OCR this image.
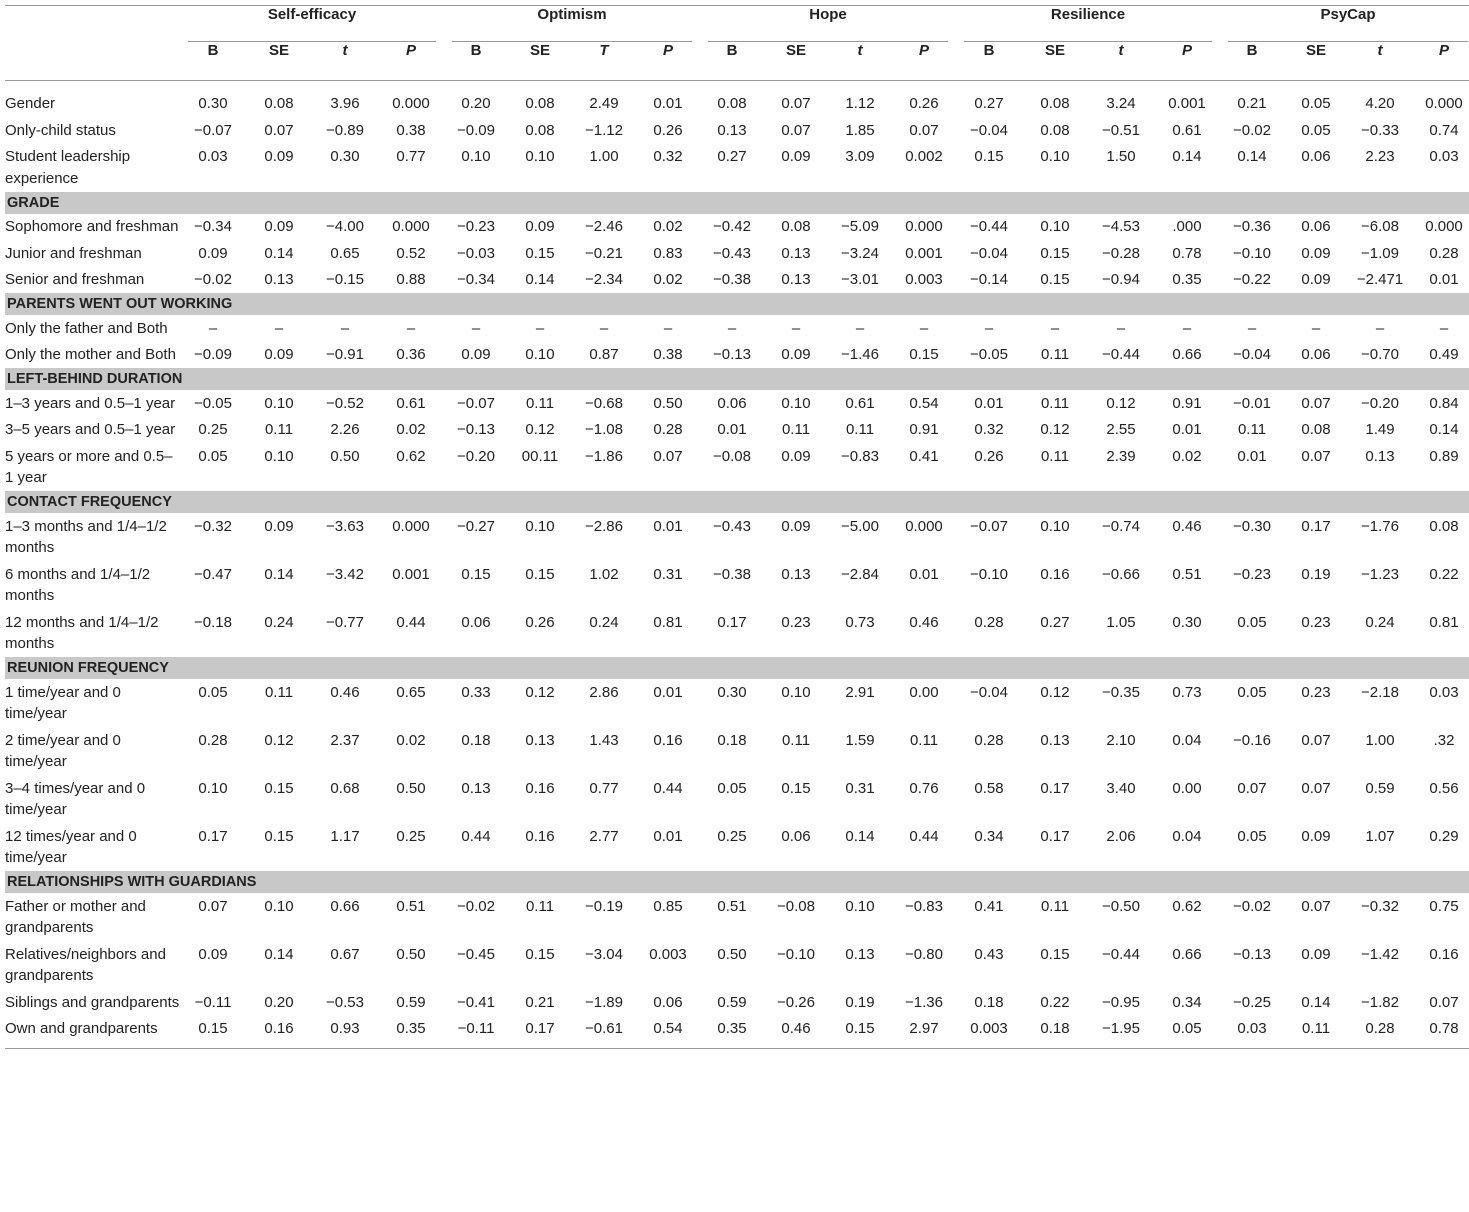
	Self-efficacy				Optimism				Hope				Resilience				PsyCap			

	B	SE	t	P	B	SE	T	P	B	SE	t	P	B	SE	t	P	B	SE	t	P
Gender	0.30	0.08	3.96	0.000	0.20	0.08	2.49	0.01	0.08	0.07	1.12	0.26	0.27	0.08	3.24	0.001	0.21	0.05	4.20	0.000
Only-child status	−0.07	0.07	−0.89	0.38	−0.09	0.08	−1.12	0.26	0.13	0.07	1.85	0.07	−0.04	0.08	−0.51	0.61	−0.02	0.05	−0.33	0.74
Student leadership experience	0.03	0.09	0.30	0.77	0.10	0.10	1.00	0.32	0.27	0.09	3.09	0.002	0.15	0.10	1.50	0.14	0.14	0.06	2.23	0.03
GRADE																				
Sophomore and freshman	−0.34	0.09	−4.00	0.000	−0.23	0.09	−2.46	0.02	−0.42	0.08	−5.09	0.000	−0.44	0.10	−4.53	.000	−0.36	0.06	−6.08	0.000
Junior and freshman	0.09	0.14	0.65	0.52	−0.03	0.15	−0.21	0.83	−0.43	0.13	−3.24	0.001	−0.04	0.15	−0.28	0.78	−0.10	0.09	−1.09	0.28
Senior and freshman	−0.02	0.13	−0.15	0.88	−0.34	0.14	−2.34	0.02	−0.38	0.13	−3.01	0.003	−0.14	0.15	−0.94	0.35	−0.22	0.09	−2.471	0.01
PARENTS WENT OUT WORKING																				
Only the father and Both	–	–	–	–	–	–	–	–	–	–	–	–	–	–	–	–	–	–	–	–
Only the mother and Both	−0.09	0.09	−0.91	0.36	0.09	0.10	0.87	0.38	−0.13	0.09	−1.46	0.15	−0.05	0.11	−0.44	0.66	−0.04	0.06	−0.70	0.49
LEFT-BEHIND DURATION																				
1–3 years and 0.5–1 year	−0.05	0.10	−0.52	0.61	−0.07	0.11	−0.68	0.50	0.06	0.10	0.61	0.54	0.01	0.11	0.12	0.91	−0.01	0.07	−0.20	0.84
3–5 years and 0.5–1 year	0.25	0.11	2.26	0.02	−0.13	0.12	−1.08	0.28	0.01	0.11	0.11	0.91	0.32	0.12	2.55	0.01	0.11	0.08	1.49	0.14
5 years or more and 0.5–1 year	0.05	0.10	0.50	0.62	−0.20	00.11	−1.86	0.07	−0.08	0.09	−0.83	0.41	0.26	0.11	2.39	0.02	0.01	0.07	0.13	0.89
CONTACT FREQUENCY																				
1–3 months and 1/4–1/2 months	−0.32	0.09	−3.63	0.000	−0.27	0.10	−2.86	0.01	−0.43	0.09	−5.00	0.000	−0.07	0.10	−0.74	0.46	−0.30	0.17	−1.76	0.08
6 months and 1/4–1/2 months	−0.47	0.14	−3.42	0.001	0.15	0.15	1.02	0.31	−0.38	0.13	−2.84	0.01	−0.10	0.16	−0.66	0.51	−0.23	0.19	−1.23	0.22
12 months and 1/4–1/2 months	−0.18	0.24	−0.77	0.44	0.06	0.26	0.24	0.81	0.17	0.23	0.73	0.46	0.28	0.27	1.05	0.30	0.05	0.23	0.24	0.81
REUNION FREQUENCY																				
1 time/year and 0 time/year	0.05	0.11	0.46	0.65	0.33	0.12	2.86	0.01	0.30	0.10	2.91	0.00	−0.04	0.12	−0.35	0.73	0.05	0.23	−2.18	0.03
2 time/year and 0 time/year	0.28	0.12	2.37	0.02	0.18	0.13	1.43	0.16	0.18	0.11	1.59	0.11	0.28	0.13	2.10	0.04	−0.16	0.07	1.00	.32
3–4 times/year and 0 time/year	0.10	0.15	0.68	0.50	0.13	0.16	0.77	0.44	0.05	0.15	0.31	0.76	0.58	0.17	3.40	0.00	0.07	0.07	0.59	0.56
12 times/year and 0 time/year	0.17	0.15	1.17	0.25	0.44	0.16	2.77	0.01	0.25	0.06	0.14	0.44	0.34	0.17	2.06	0.04	0.05	0.09	1.07	0.29
RELATIONSHIPS WITH GUARDIANS																				
Father or mother and grandparents	0.07	0.10	0.66	0.51	−0.02	0.11	−0.19	0.85	0.51	−0.08	0.10	−0.83	0.41	0.11	−0.50	0.62	−0.02	0.07	−0.32	0.75
Relatives/neighbors and grandparents	0.09	0.14	0.67	0.50	−0.45	0.15	−3.04	0.003	0.50	−0.10	0.13	−0.80	0.43	0.15	−0.44	0.66	−0.13	0.09	−1.42	0.16
Siblings and grandparents	−0.11	0.20	−0.53	0.59	−0.41	0.21	−1.89	0.06	0.59	−0.26	0.19	−1.36	0.18	0.22	−0.95	0.34	−0.25	0.14	−1.82	0.07
Own and grandparents	0.15	0.16	0.93	0.35	−0.11	0.17	−0.61	0.54	0.35	0.46	0.15	2.97	0.003	0.18	−1.95	0.05	0.03	0.11	0.28	0.78
